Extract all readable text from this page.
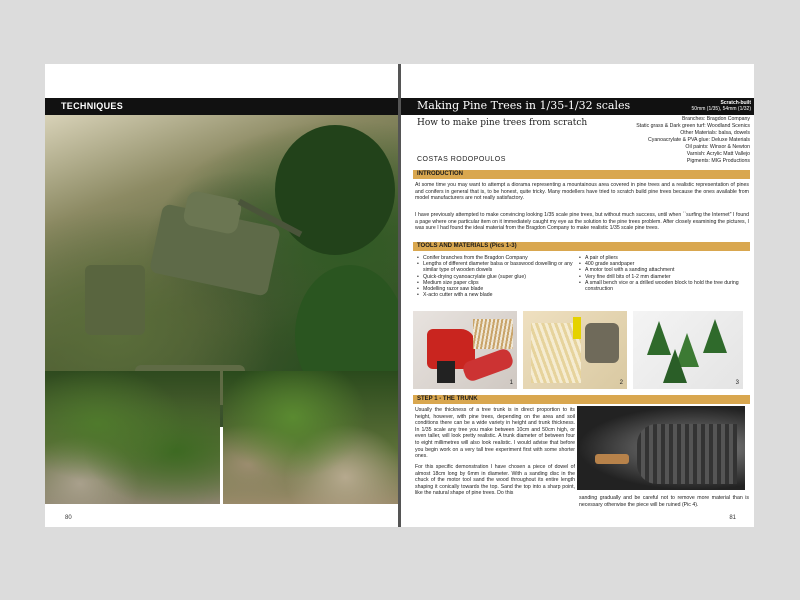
TECHNIQUES
80
Making Pine Trees in 1/35-1/32 scales	Scratch-built
50mm (1/35), 54mm (1/32)
How to make pine trees from scratch
COSTAS RODOPOULOS
Branches: Bragdon Company
Static grass & Dark green turf: Woodland Scenics
Other Materials: balsa, dowels
Cyanoacrylate & PVA glue: Deluxe Materials
Oil paints: Winsor & Newton
Varnish: Acrylic Matt Vallejo
Pigments: MIG Productions
INTRODUCTION
At some time you may want to attempt a diorama representing a mountainous area covered in pine trees and a realistic representation of pines and conifers in general that is, to be honest, quite tricky. Many modellers have tried to scratch build pine trees because the ones available from model manufacturers are not really satisfactory.
I have previously attempted to make convincing looking 1/35 scale pine trees, but without much success, until when ``surfing the Internet'' I found a page where one particular item on it immediately caught my eye as the solution to the pine trees problem. After closely examining the pictures, I was sure I had found the ideal material from the Bragdon Company to make realistic 1/35 scale pine trees.
TOOLS AND MATERIALS (Pics 1-3)
• Conifer branches from the Bragdon Company
• Lengths of different diameter balsa or basswood dowelling or any similar type of wooden dowels
• Quick-drying cyanoacrylate glue (super glue)
• Medium size paper clips
• Modelling razor saw blade
• X-acto cutter with a new blade
• A pair of pliers
• 400 grade sandpaper
• A motor tool with a sanding attachment
• Very fine drill bits of 1-2 mm diameter
• A small bench vice or a drilled wooden block to hold the tree during construction
1	2	3
STEP 1 - THE TRUNK
Usually the thickness of a tree trunk is in direct proportion to its height, however, with pine trees, depending on the area and soil conditions there can be a wide variety in height and trunk thickness. In 1/35 scale any tree you make between 10cm and 50cm high, or even taller, will look pretty realistic. A trunk diameter of between four to eight millimetres will also look realistic. I would advise that before you begin work on a very tall tree experiment first with some shorter ones.
For this specific demonstration I have chosen a piece of dowel of almost 18cm long by 6mm in diameter. With a sanding disc in the chuck of the motor tool sand the wood throughout its entire length shaping it conically towards the top. Sand the top into a sharp point, like the natural shape of pine trees. Do this
sanding gradually and be careful not to remove more material than is necessary otherwise the piece will be ruined (Pic 4).
81
